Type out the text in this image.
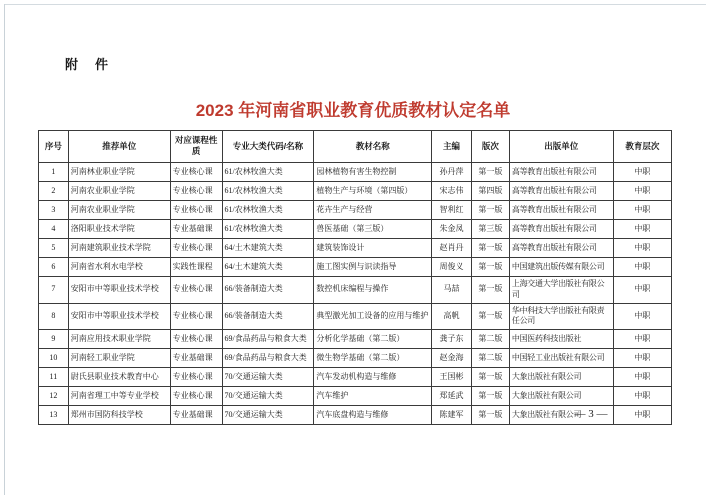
附　件
2023 年河南省职业教育优质教材认定名单
序号	推荐单位	对应课程性质	专业大类代码/名称	教材名称	主编	版次	出版单位	教育层次
1	河南林业职业学院	专业核心课	61/农林牧渔大类	园林植物有害生物控制	孙丹萍	第一版	高等教育出版社有限公司	中职
2	河南农业职业学院	专业核心课	61/农林牧渔大类	植物生产与环境（第四版）	宋志伟	第四版	高等教育出版社有限公司	中职
3	河南农业职业学院	专业核心课	61/农林牧渔大类	花卉生产与经营	智利红	第一版	高等教育出版社有限公司	中职
4	洛阳职业技术学院	专业基础课	61/农林牧渔大类	兽医基础（第三版）	朱金凤	第三版	高等教育出版社有限公司	中职
5	河南建筑职业技术学院	专业核心课	64/土木建筑大类	建筑装饰设计	赵肖丹	第一版	高等教育出版社有限公司	中职
6	河南省水利水电学校	实践性课程	64/土木建筑大类	施工图实例与识读指导	周俊义	第一版	中国建筑出版传媒有限公司	中职
7	安阳市中等职业技术学校	专业核心课	66/装备制造大类	数控机床编程与操作	马喆	第一版	上海交通大学出版社有限公司	中职
8	安阳市中等职业技术学校	专业核心课	66/装备制造大类	典型激光加工设备的应用与维护	高帆	第一版	华中科技大学出版社有限责任公司	中职
9	河南应用技术职业学院	专业核心课	69/食品药品与粮食大类	分析化学基础（第二版）	龚子东	第二版	中国医药科技出版社	中职
10	河南轻工职业学院	专业基础课	69/食品药品与粮食大类	微生物学基础（第二版）	赵金海	第二版	中国轻工业出版社有限公司	中职
11	尉氏县职业技术教育中心	专业核心课	70/交通运输大类	汽车发动机构造与维修	王国彬	第一版	大象出版社有限公司	中职
12	河南省理工中等专业学校	专业核心课	70/交通运输大类	汽车维护	郑延武	第一版	大象出版社有限公司	中职
13	郑州市国防科技学校	专业基础课	70/交通运输大类	汽车底盘构造与维修	陈建军	第一版	大象出版社有限公司	中职
— 3 —
